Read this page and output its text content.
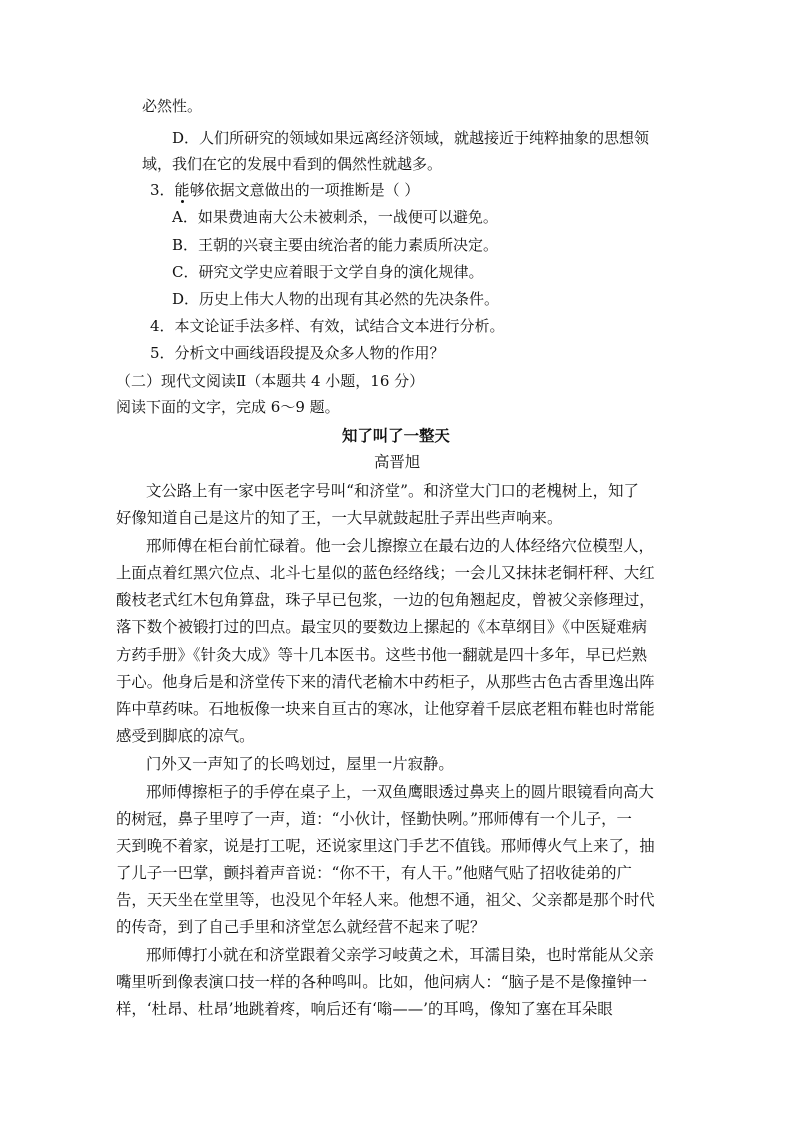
必然性。

D．人们所研究的领域如果远离经济领域，就越接近于纯粹抽象的思想领

域，我们在它的发展中看到的偶然性就越多。

3．能够依据文意做出的一项推断是（ ）

A．如果费迪南大公未被刺杀，一战便可以避免。

B．王朝的兴衰主要由统治者的能力素质所决定。

C．研究文学史应着眼于文学自身的演化规律。

D．历史上伟大人物的出现有其必然的先决条件。

4．本文论证手法多样、有效，试结合文本进行分析。

5．分析文中画线语段提及众多人物的作用？

（二）现代文阅读Ⅱ（本题共 4 小题，16 分）

阅读下面的文字，完成 6～9 题。

知了叫了一整天

高晋旭

文公路上有一家中医老字号叫“和济堂”。和济堂大门口的老槐树上，知了

好像知道自己是这片的知了王，一大早就鼓起肚子弄出些声响来。

邢师傅在柜台前忙碌着。他一会儿擦擦立在最右边的人体经络穴位模型人，

上面点着红黑穴位点、北斗七星似的蓝色经络线；一会儿又抹抹老铜杆秤、大红

酸枝老式红木包角算盘，珠子早已包浆，一边的包角翘起皮，曾被父亲修理过，

落下数个被锻打过的凹点。最宝贝的要数边上摞起的《本草纲目》《中医疑难病

方药手册》《针灸大成》等十几本医书。这些书他一翻就是四十多年，早已烂熟

于心。他身后是和济堂传下来的清代老榆木中药柜子，从那些古色古香里逸出阵

阵中草药味。石地板像一块来自亘古的寒冰，让他穿着千层底老粗布鞋也时常能

感受到脚底的凉气。

门外又一声知了的长鸣划过，屋里一片寂静。

邢师傅擦柜子的手停在桌子上，一双鱼鹰眼透过鼻夹上的圆片眼镜看向高大

的树冠，鼻子里哼了一声，道：“小伙计，怪勤快咧。”邢师傅有一个儿子，一

天到晚不着家，说是打工呢，还说家里这门手艺不值钱。邢师傅火气上来了，抽

了儿子一巴掌，颤抖着声音说：“你不干，有人干。”他赌气贴了招收徒弟的广

告，天天坐在堂里等，也没见个年轻人来。他想不通，祖父、父亲都是那个时代

的传奇，到了自己手里和济堂怎么就经营不起来了呢？

邢师傅打小就在和济堂跟着父亲学习岐黄之术，耳濡目染，也时常能从父亲

嘴里听到像表演口技一样的各种鸣叫。比如，他问病人：“脑子是不是像撞钟一

样，‘杜昂、杜昂’地跳着疼，响后还有‘嗡——’的耳鸣，像知了塞在耳朵眼
